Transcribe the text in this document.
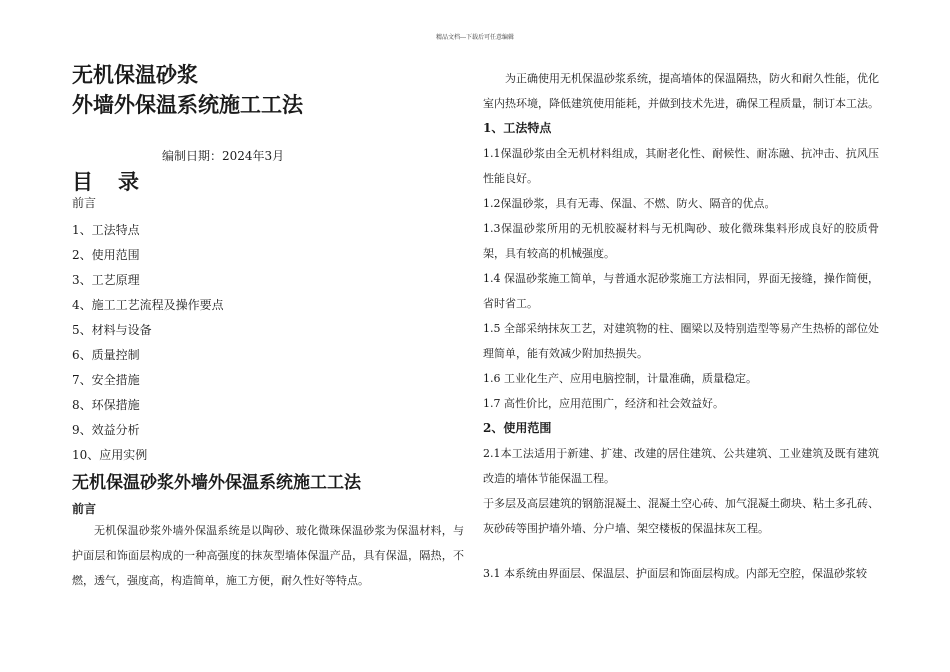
精品文档---下载后可任意编辑
无机保温砂浆
外墙外保温系统施工工法
编制日期：2024年3月
目　录
前言
1、工法特点
2、使用范围
3、工艺原理
4、施工工艺流程及操作要点
5、材料与设备
6、质量控制
7、安全措施
8、环保措施
9、效益分析
10、应用实例
无机保温砂浆外墙外保温系统施工工法
前言

无机保温砂浆外墙外保温系统是以陶砂、玻化微珠保温砂浆为保温材料，与护面层和饰面层构成的一种高强度的抹灰型墙体保温产品，具有保温，隔热，不燃，透气，强度高，构造简单，施工方便，耐久性好等特点。

为正确使用无机保温砂浆系统，提高墙体的保温隔热，防火和耐久性能，优化室内热环境，降低建筑使用能耗，并做到技术先进，确保工程质量，制订本工法。

1、工法特点

1.1保温砂浆由全无机材料组成，其耐老化性、耐候性、耐冻融、抗冲击、抗风压性能良好。

1.2保温砂浆，具有无毒、保温、不燃、防火、隔音的优点。

1.3保温砂浆所用的无机胶凝材料与无机陶砂、玻化微珠集料形成良好的胶质骨架，具有较高的机械强度。

1.4 保温砂浆施工简单，与普通水泥砂浆施工方法相同，界面无接缝，操作简便，省时省工。

1.5 全部采纳抹灰工艺，对建筑物的柱、圈梁以及特别造型等易产生热桥的部位处理简单，能有效减少附加热损失。

1.6 工业化生产、应用电脑控制，计量准确，质量稳定。

1.7 高性价比，应用范围广，经济和社会效益好。

2、使用范围

2.1本工法适用于新建、扩建、改建的居住建筑、公共建筑、工业建筑及既有建筑改造的墙体节能保温工程。

于多层及高层建筑的钢筋混凝土、混凝土空心砖、加气混凝土砌块、粘土多孔砖、灰砂砖等围护墙外墙、分户墙、架空楼板的保温抹灰工程。

3.1 本系统由界面层、保温层、护面层和饰面层构成。内部无空腔，保温砂浆较
